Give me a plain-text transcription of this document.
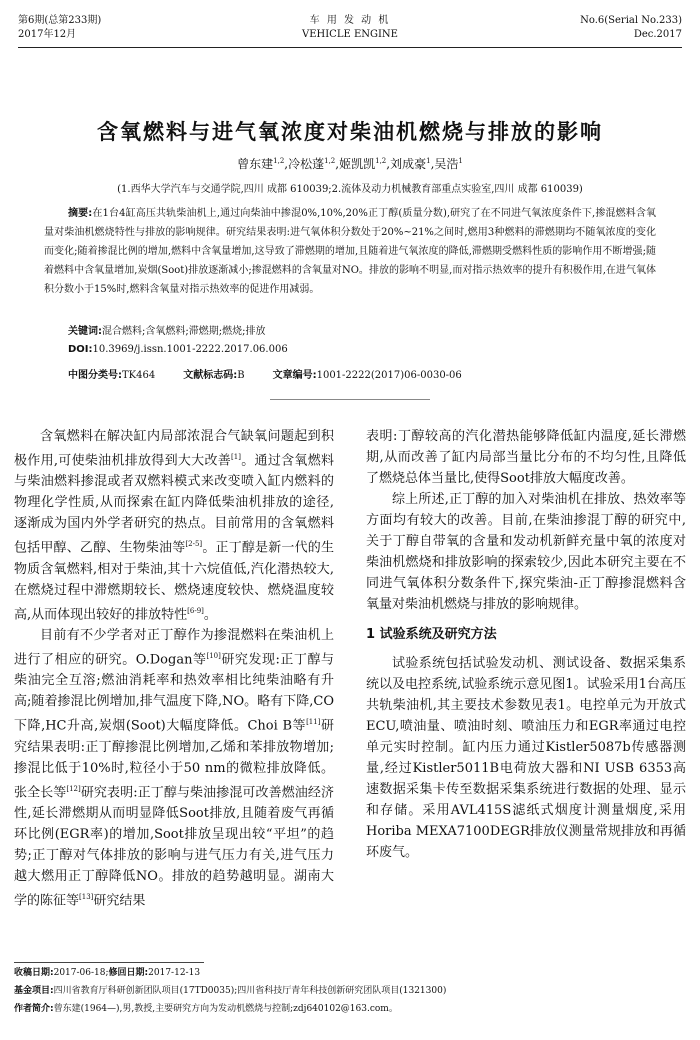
第6期(总第233期)
2017年12月
车 用 发 动 机
VEHICLE ENGINE
No.6(Serial No.233)
Dec.2017
含氧燃料与进气氧浓度对柴油机燃烧与排放的影响
曾东建$^{1,2}$,冷松蓬$^{1,2}$,姬凯凯$^{1,2}$,刘成豪$^1$,吴浩$^1$
(1.西华大学汽车与交通学院,四川 成都 610039;2.流体及动力机械教育部重点实验室,四川 成都 610039)
摘要:在1台4缸高压共轨柴油机上,通过向柴油中掺混0%,10%,20%正丁醇(质量分数),研究了在不同进气氧浓度条件下,掺混燃料含氧量对柴油机燃烧特性与排放的影响规律。研究结果表明:进气氧体积分数处于20%~21%之间时,燃用3种燃料的滞燃期均不随氧浓度的变化而变化;随着掺混比例的增加,燃料中含氧量增加,这导致了滞燃期的增加,且随着进气氧浓度的降低,滞燃期受燃料性质的影响作用不断增强;随着燃料中含氧量增加,炭烟(Soot)排放逐渐减小;掺混燃料的含氧量对NO。排放的影响不明显,而对指示热效率的提升有积极作用,在进气氧体积分数小于15%时,燃料含氧量对指示热效率的促进作用减弱。
关键词:混合燃料;含氧燃料;滞燃期;燃烧;排放
DOI:10.3969/j.issn.1001-2222.2017.06.006
中图分类号:TK464	文献标志码:B	文章编号:1001-2222(2017)06-0030-06

含氧燃料在解决缸内局部浓混合气缺氧问题起到积极作用,可使柴油机排放得到大大改善[1]。通过含氧燃料与柴油燃料掺混或者双燃料模式来改变喷入缸内燃料的物理化学性质,从而探索在缸内降低柴油机排放的途径,逐渐成为国内外学者研究的热点。目前常用的含氧燃料包括甲醇、乙醇、生物柴油等[2-5]。正丁醇是新一代的生物质含氧燃料,相对于柴油,其十六烷值低,汽化潜热较大,在燃烧过程中滞燃期较长、燃烧速度较快、燃烧温度较高,从而体现出较好的排放特性[6-9]。

目前有不少学者对正丁醇作为掺混燃料在柴油机上进行了相应的研究。O.Dogan等[10]研究发现:正丁醇与柴油完全互溶;燃油消耗率和热效率相比纯柴油略有升高;随着掺混比例增加,排气温度下降,NO。略有下降,CO下降,HC升高,炭烟(Soot)大幅度降低。Choi B等[11]研究结果表明:正丁醇掺混比例增加,乙烯和苯排放物增加;掺混比低于10%时,粒径小于50 nm的微粒排放降低。张全长等[12]研究表明:正丁醇与柴油掺混可改善燃油经济性,延长滞燃期从而明显降低Soot排放,且随着废气再循环比例(EGR率)的增加,Soot排放呈现出较“平坦”的趋势;正丁醇对气体排放的影响与进气压力有关,进气压力越大燃用正丁醇降低NO。排放的趋势越明显。湖南大学的陈征等[13]研究结果

表明:丁醇较高的汽化潜热能够降低缸内温度,延长滞燃期,从而改善了缸内局部当量比分布的不均匀性,且降低了燃烧总体当量比,使得Soot排放大幅度改善。

综上所述,正丁醇的加入对柴油机在排放、热效率等方面均有较大的改善。目前,在柴油掺混丁醇的研究中,关于丁醇自带氧的含量和发动机新鲜充量中氧的浓度对柴油机燃烧和排放影响的探索较少,因此本研究主要在不同进气氧体积分数条件下,探究柴油-正丁醇掺混燃料含氧量对柴油机燃烧与排放的影响规律。

1 试验系统及研究方法

试验系统包括试验发动机、测试设备、数据采集系统以及电控系统,试验系统示意见图1。试验采用1台高压共轨柴油机,其主要技术参数见表1。电控单元为开放式ECU,喷油量、喷油时刻、喷油压力和EGR率通过电控单元实时控制。缸内压力通过Kistler5087b传感器测量,经过Kistler5011B电荷放大器和NI USB 6353高速数据采集卡传至数据采集系统进行数据的处理、显示和存储。采用AVL415S滤纸式烟度计测量烟度,采用Horiba MEXA7100DEGR排放仪测量常规排放和再循环废气。

收稿日期:2017-06-18;修回日期:2017-12-13
基金项目:四川省教育厅科研创新团队项目(17TD0035);四川省科技厅青年科技创新研究团队项目(1321300)
作者简介:曾东建(1964—),男,教授,主要研究方向为发动机燃烧与控制;zdj640102@163.com。
